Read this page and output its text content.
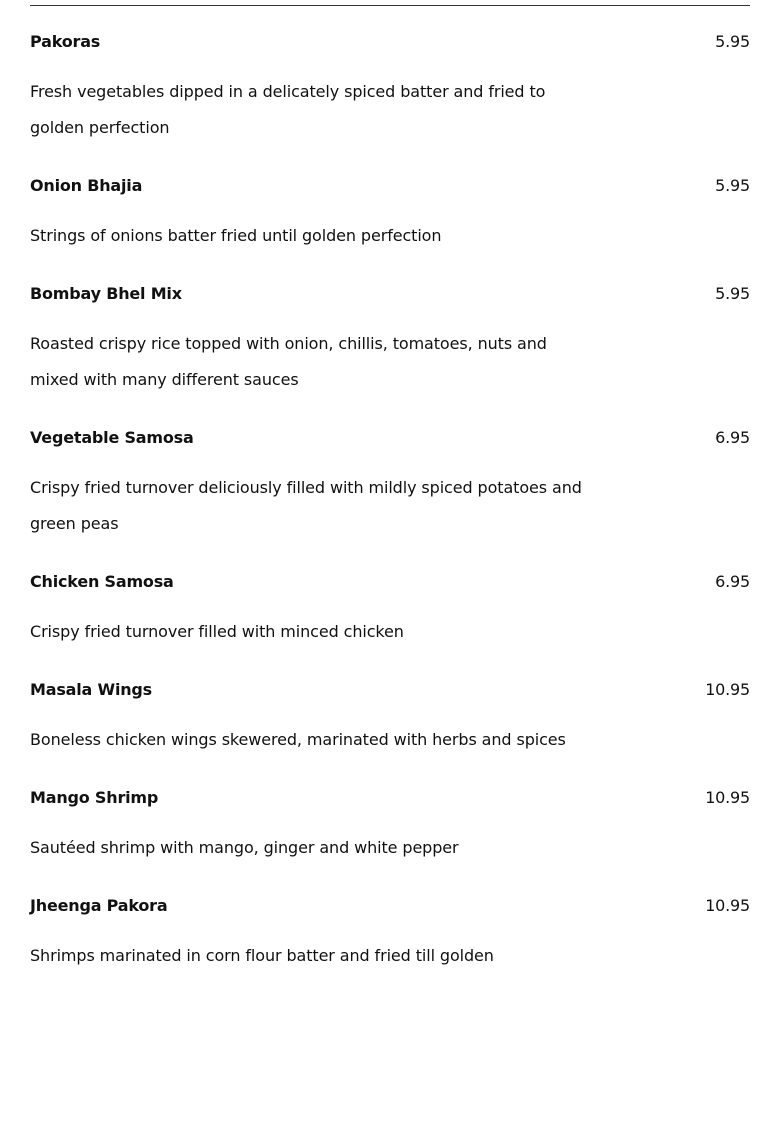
Pakoras	5.95
Fresh vegetables dipped in a delicately spiced batter and fried to golden perfection
Onion Bhajia	5.95
Strings of onions batter fried until golden perfection
Bombay Bhel Mix	5.95
Roasted crispy rice topped with onion, chillis, tomatoes, nuts and mixed with many different sauces
Vegetable Samosa	6.95
Crispy fried turnover deliciously filled with mildly spiced potatoes and green peas
Chicken Samosa	6.95
Crispy fried turnover filled with minced chicken
Masala Wings	10.95
Boneless chicken wings skewered, marinated with herbs and spices
Mango Shrimp	10.95
Sautéed shrimp with mango, ginger and white pepper
Jheenga Pakora	10.95
Shrimps marinated in corn flour batter and fried till golden
